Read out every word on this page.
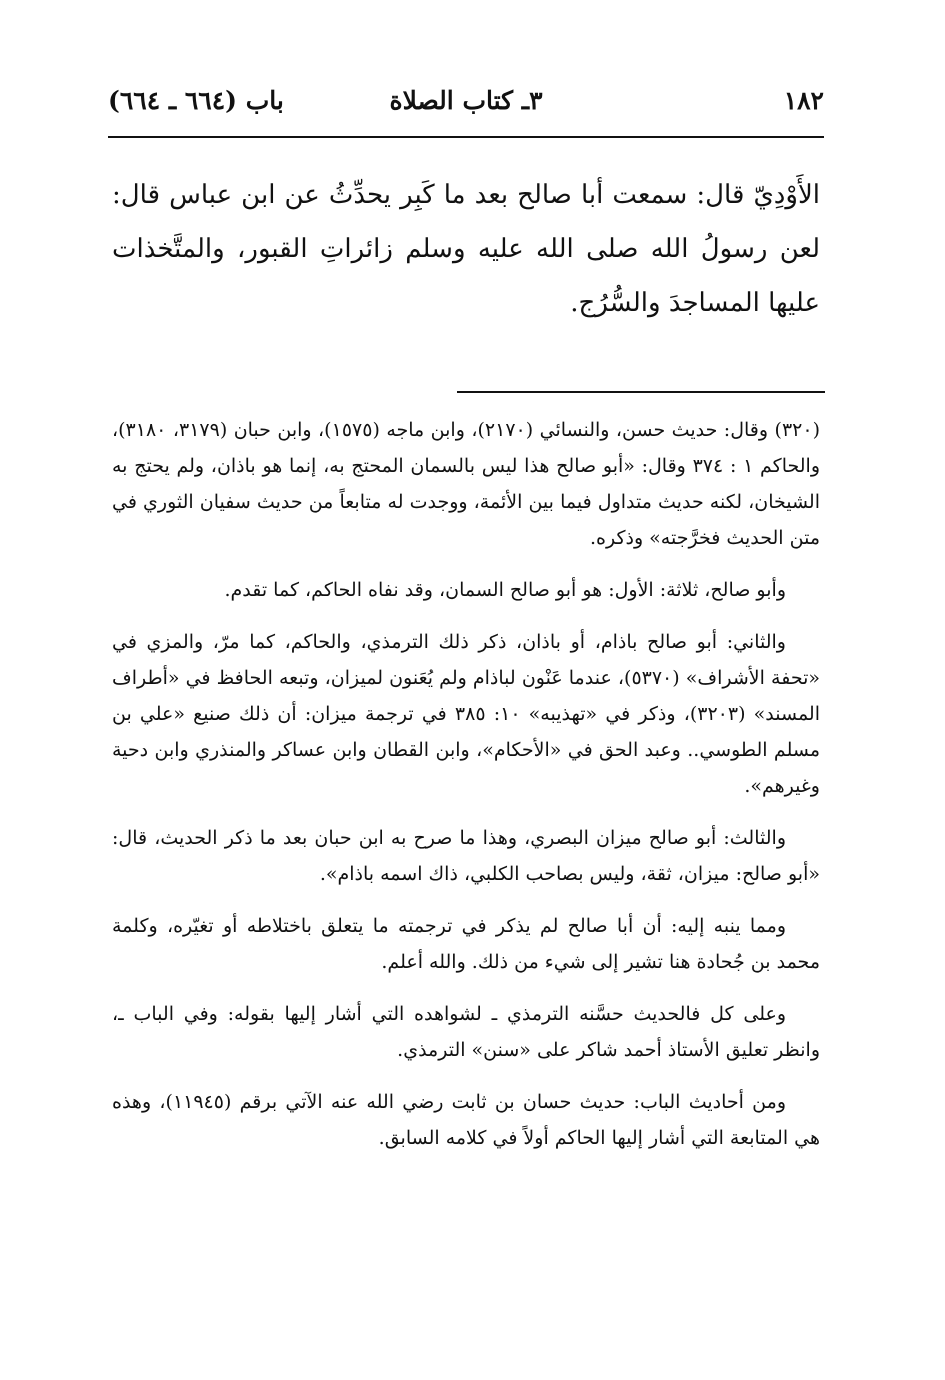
١٨٢
٣ـ كتاب الصلاة
باب (٦٦٤ ـ ٦٦٤)

الأَوْدِيّ قال: سمعت أبا صالح بعد ما كَبِر يحدِّثُ عن ابن عباس قال: لعن رسولُ الله صلى الله عليه وسلم زائراتِ القبور، والمتَّخذات عليها المساجدَ والسُّرُج.

(٣٢٠) وقال: حديث حسن، والنسائي (٢١٧٠)، وابن ماجه (١٥٧٥)، وابن حبان (٣١٧٩، ٣١٨٠)، والحاكم ١ : ٣٧٤ وقال: «أبو صالح هذا ليس بالسمان المحتج به، إنما هو باذان، ولم يحتج به الشيخان، لكنه حديث متداول فيما بين الأئمة، ووجدت له متابعاً من حديث سفيان الثوري في متن الحديث فخرَّجته» وذكره.

وأبو صالح، ثلاثة: الأول: هو أبو صالح السمان، وقد نفاه الحاكم، كما تقدم.

والثاني: أبو صالح باذام، أو باذان، ذكر ذلك الترمذي، والحاكم، كما مرّ، والمزي في «تحفة الأشراف» (٥٣٧٠)، عندما عَنْون لباذام ولم يُعَنون لميزان، وتبعه الحافظ في «أطراف المسند» (٣٢٠٣)، وذكر في «تهذيبه» ١٠: ٣٨٥ في ترجمة ميزان: أن ذلك صنيع «علي بن مسلم الطوسي.. وعبد الحق في «الأحكام»، وابن القطان وابن عساكر والمنذري وابن دحية وغيرهم».

والثالث: أبو صالح ميزان البصري، وهذا ما صرح به ابن حبان بعد ما ذكر الحديث، قال: «أبو صالح: ميزان، ثقة، وليس بصاحب الكلبي، ذاك اسمه باذام».

ومما ينبه إليه: أن أبا صالح لم يذكر في ترجمته ما يتعلق باختلاطه أو تغيّره، وكلمة محمد بن جُحادة هنا تشير إلى شيء من ذلك. والله أعلم.

وعلى كل فالحديث حسَّنه الترمذي ـ لشواهده التي أشار إليها بقوله: وفي الباب ـ، وانظر تعليق الأستاذ أحمد شاكر على «سنن» الترمذي.

ومن أحاديث الباب: حديث حسان بن ثابت رضي الله عنه الآتي برقم (١١٩٤٥)، وهذه هي المتابعة التي أشار إليها الحاكم أولاً في كلامه السابق.
